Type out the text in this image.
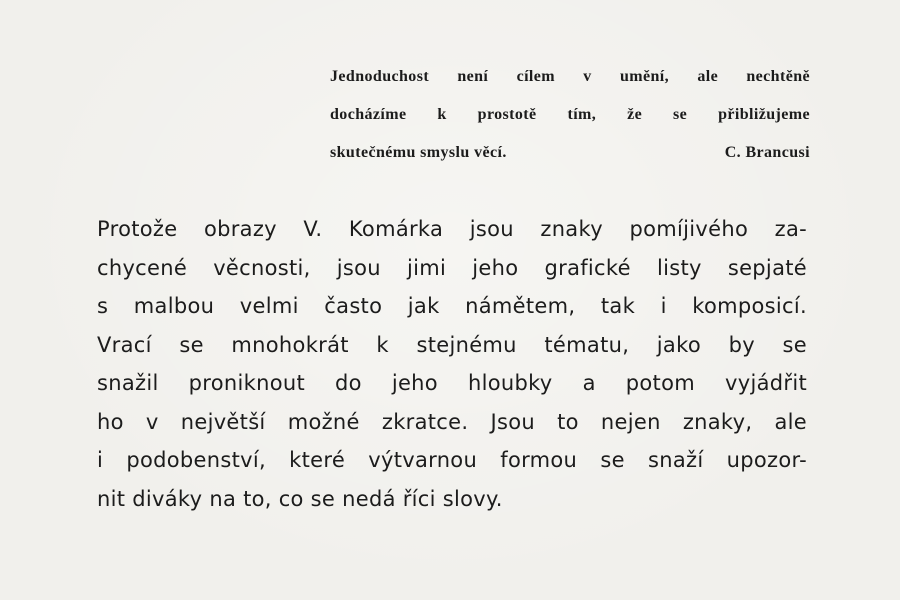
Jednoduchost není cílem v umění, ale nechtěně
docházíme k prostotě tím, že se přibližujeme
skutečnému smyslu věcí.	C. Brancusi
Protože obrazy V. Komárka jsou znaky pomíjivého za-
chycené věcnosti, jsou jimi jeho grafické listy sepjaté
s malbou velmi často jak námětem, tak i komposicí.
Vrací se mnohokrát k stejnému tématu, jako by se
snažil proniknout do jeho hloubky a potom vyjádřit
ho v největší možné zkratce. Jsou to nejen znaky, ale
i podobenství, které výtvarnou formou se snaží upozor-
nit diváky na to, co se nedá říci slovy.
